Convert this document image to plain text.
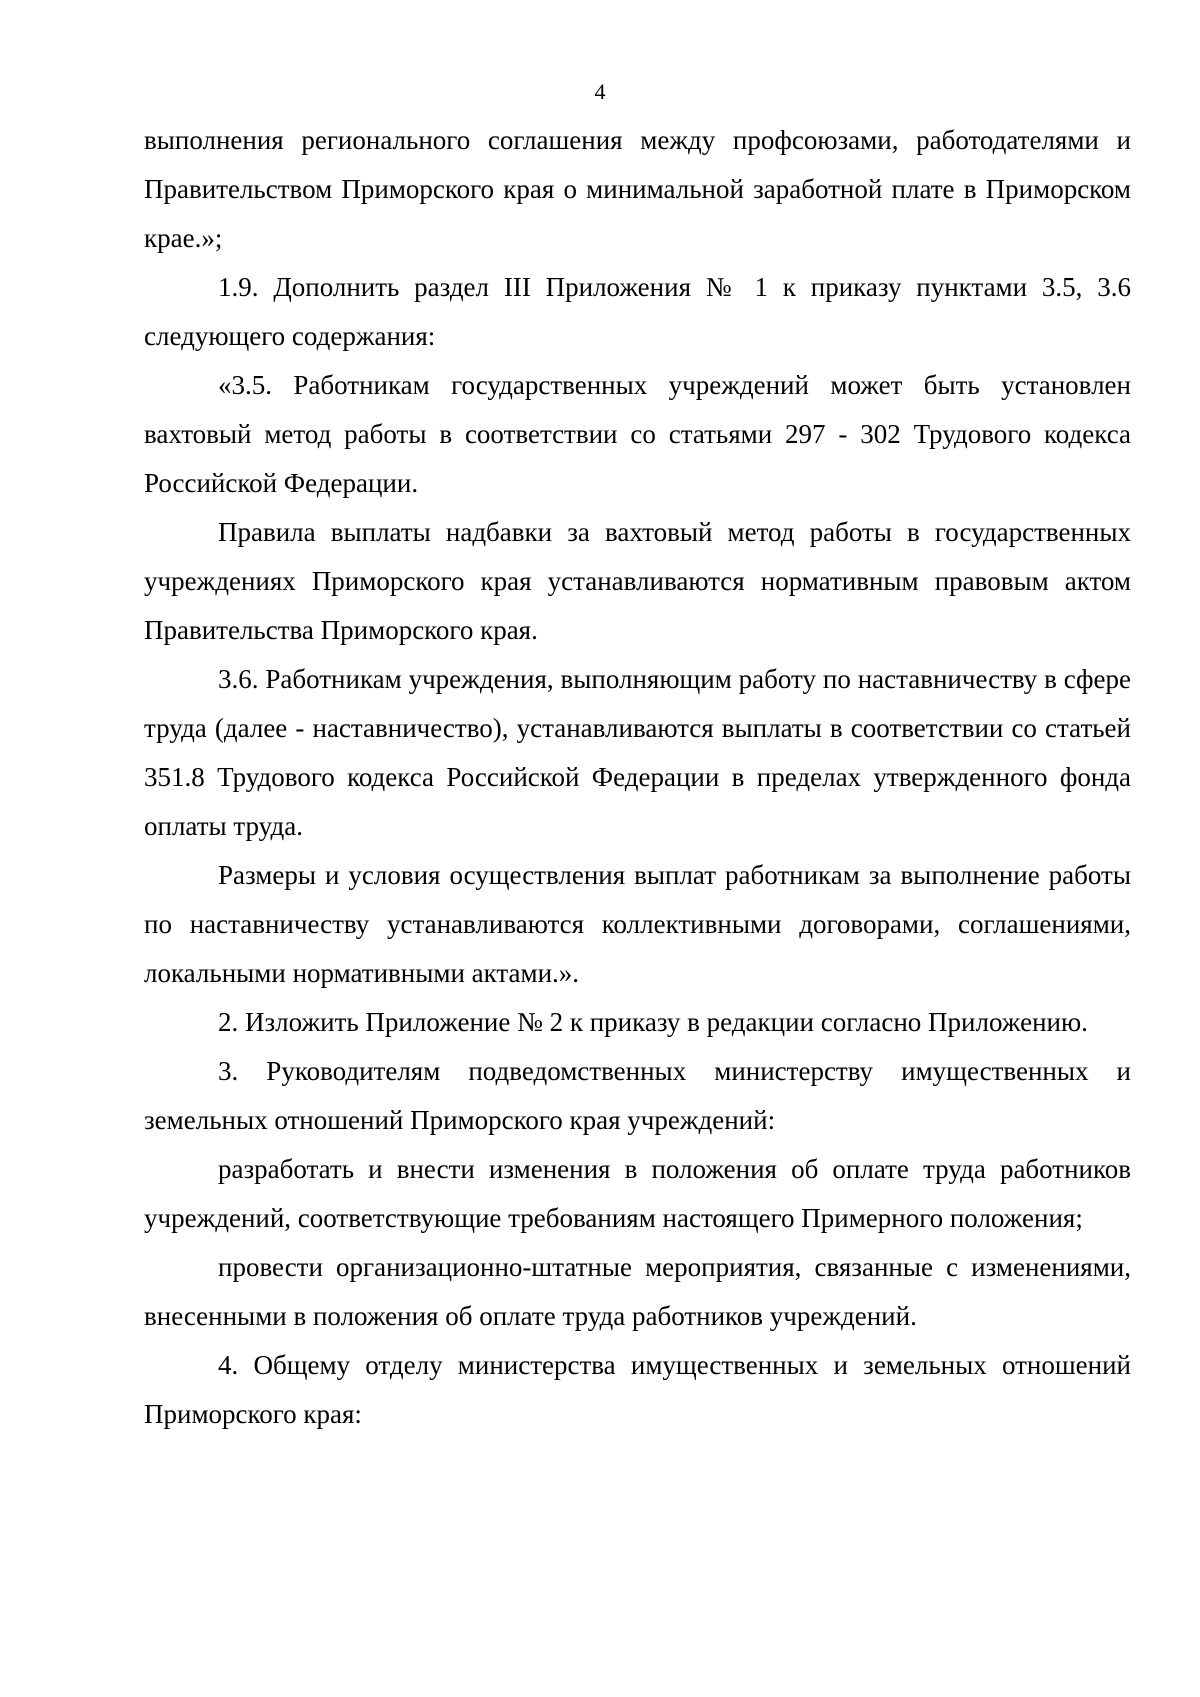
4

выполнения регионального соглашения между профсоюзами, работодателями и Правительством Приморского края о минимальной заработной плате в Приморском крае.»;

1.9. Дополнить раздел III Приложения № 1 к приказу пунктами 3.5, 3.6 следующего содержания:

«3.5. Работникам государственных учреждений может быть установлен вахтовый метод работы в соответствии со статьями 297 - 302 Трудового кодекса Российской Федерации.

Правила выплаты надбавки за вахтовый метод работы в государственных учреждениях Приморского края устанавливаются нормативным правовым актом Правительства Приморского края.

3.6. Работникам учреждения, выполняющим работу по наставничеству в сфере труда (далее - наставничество), устанавливаются выплаты в соответствии со статьей 351.8 Трудового кодекса Российской Федерации в пределах утвержденного фонда оплаты труда.

Размеры и условия осуществления выплат работникам за выполнение работы по наставничеству устанавливаются коллективными договорами, соглашениями, локальными нормативными актами.».

2. Изложить Приложение № 2 к приказу в редакции согласно Приложению.

3. Руководителям подведомственных министерству имущественных и земельных отношений Приморского края учреждений:

разработать и внести изменения в положения об оплате труда работников учреждений, соответствующие требованиям настоящего Примерного положения;

провести организационно-штатные мероприятия, связанные с изменениями, внесенными в положения об оплате труда работников учреждений.

4. Общему отделу министерства имущественных и земельных отношений Приморского края:
